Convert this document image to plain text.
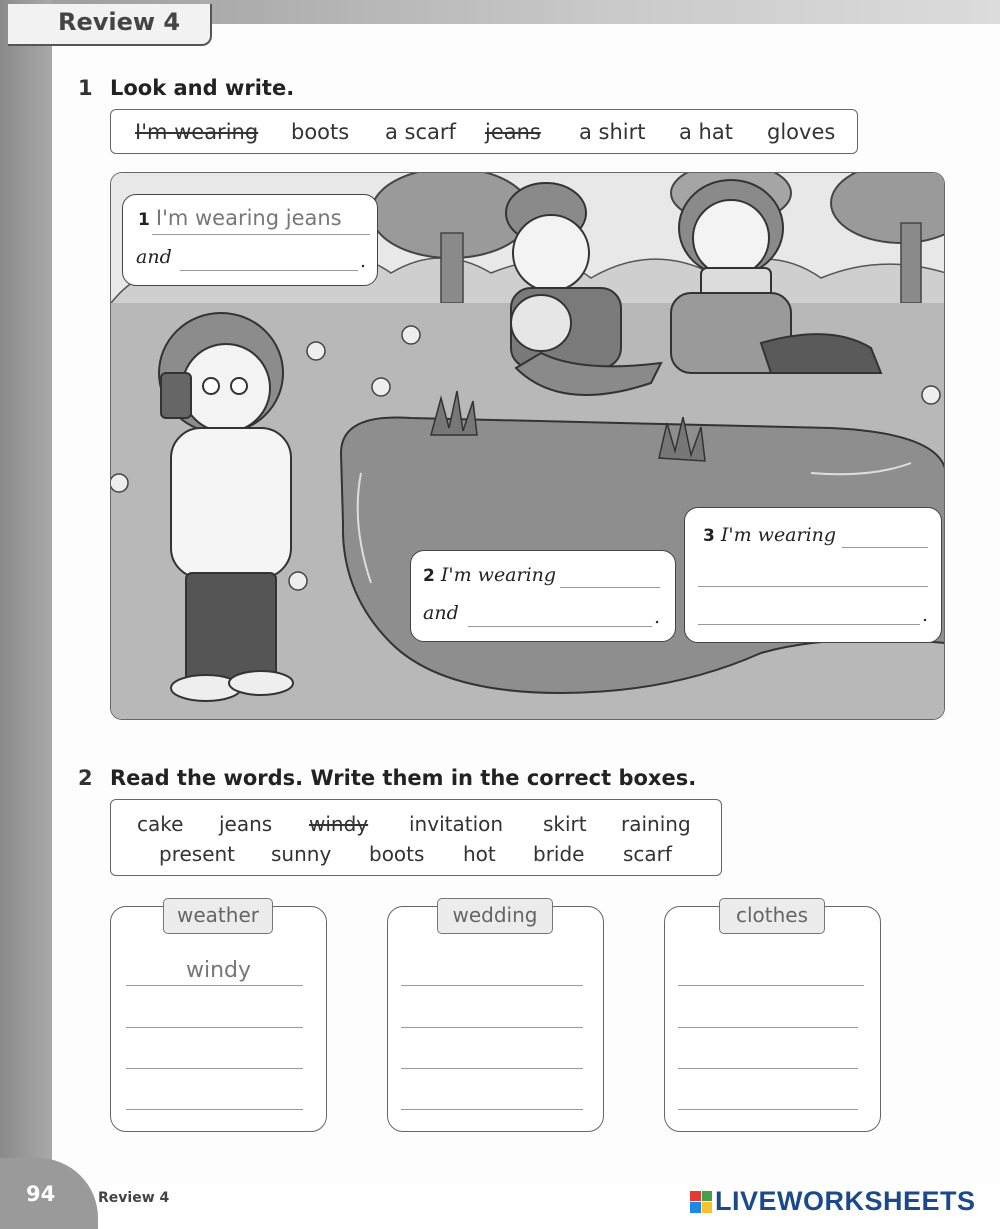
Review 4
1 Look and write.
I'm wearing boots a scarf jeans a shirt a hat gloves
1 I'm wearing jeans
and	.
2 I'm wearing
and	.
3 I'm wearing
.
2 Read the words. Write them in the correct boxes.
cake jeans windy invitation skirt raining
present sunny boots hot bride scarf
weather
windy
wedding	clothes
94	Review 4	LIVEWORKSHEETS
